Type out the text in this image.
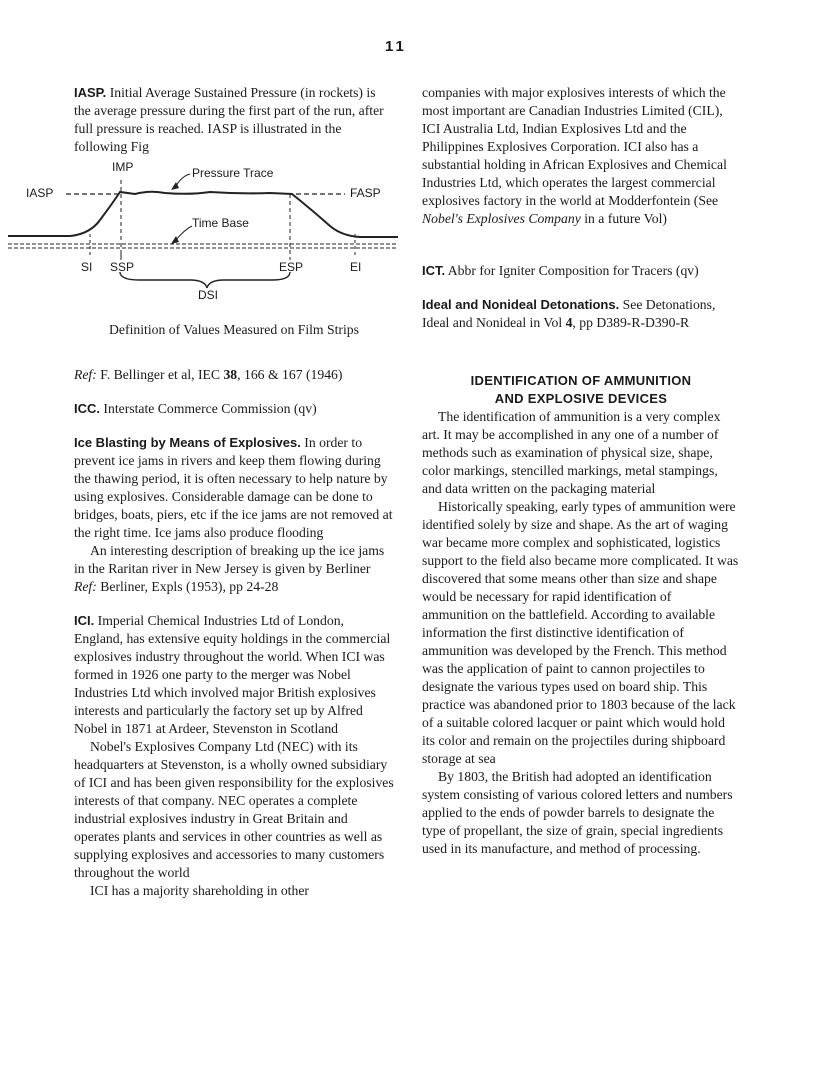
11

IASP. Initial Average Sustained Pressure (in rockets) is the average pressure during the first part of the run, after full pressure is reached. IASP is illustrated in the following Fig

IMP	Pressure Trace
IASP	FASP
Time Base
SI SSP	ESP	EI
DSI
Definition of Values Measured on Film Strips

Ref: F. Bellinger et al, IEC 38, 166 & 167 (1946)

ICC. Interstate Commerce Commission (qv)

Ice Blasting by Means of Explosives. In order to prevent ice jams in rivers and keep them flowing during the thawing period, it is often necessary to help nature by using explosives. Considerable damage can be done to bridges, boats, piers, etc if the ice jams are not removed at the right time. Ice jams also produce flooding

An interesting description of breaking up the ice jams in the Raritan river in New Jersey is given by Berliner

Ref: Berliner, Expls (1953), pp 24-28

ICI. Imperial Chemical Industries Ltd of London, England, has extensive equity holdings in the commercial explosives industry throughout the world. When ICI was formed in 1926 one party to the merger was Nobel Industries Ltd which involved major British explosives interests and particularly the factory set up by Alfred Nobel in 1871 at Ardeer, Stevenston in Scotland

Nobel's Explosives Company Ltd (NEC) with its headquarters at Stevenston, is a wholly owned subsidiary of ICI and has been given responsibility for the explosives interests of that company. NEC operates a complete industrial explosives industry in Great Britain and operates plants and services in other countries as well as supplying explosives and accessories to many customers throughout the world

ICI has a majority shareholding in other

companies with major explosives interests of which the most important are Canadian Industries Limited (CIL), ICI Australia Ltd, Indian Explosives Ltd and the Philippines Explosives Corporation. ICI also has a substantial holding in African Explosives and Chemical Industries Ltd, which operates the largest commercial explosives factory in the world at Modderfontein (See Nobel's Explosives Company in a future Vol)

ICT. Abbr for Igniter Composition for Tracers (qv)

Ideal and Nonideal Detonations. See Detonations, Ideal and Nonideal in Vol 4, pp D389-R-D390-R

IDENTIFICATION OF AMMUNITION
AND EXPLOSIVE DEVICES

The identification of ammunition is a very complex art. It may be accomplished in any one of a number of methods such as examination of physical size, shape, color markings, stencilled markings, metal stampings, and data written on the packaging material

Historically speaking, early types of ammunition were identified solely by size and shape. As the art of waging war became more complex and sophisticated, logistics support to the field also became more complicated. It was discovered that some means other than size and shape would be necessary for rapid identification of ammunition on the battlefield. According to available information the first distinctive identification of ammunition was developed by the French. This method was the application of paint to cannon projectiles to designate the various types used on board ship. This practice was abandoned prior to 1803 because of the lack of a suitable colored lacquer or paint which would hold its color and remain on the projectiles during shipboard storage at sea

By 1803, the British had adopted an identification system consisting of various colored letters and numbers applied to the ends of powder barrels to designate the type of propellant, the size of grain, special ingredients used in its manufacture, and method of processing.
